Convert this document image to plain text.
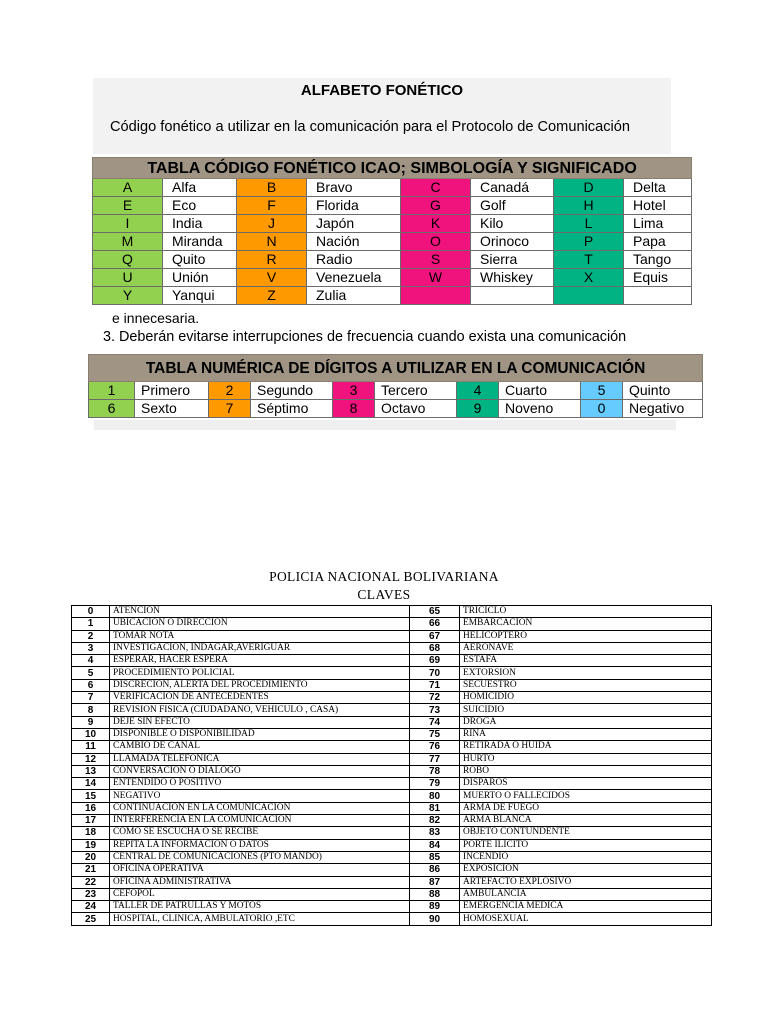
ALFABETO FONÉTICO
Código fonético a utilizar en la comunicación para el Protocolo de Comunicación
TABLA CÓDIGO FONÉTICO ICAO; SIMBOLOGÍA Y SIGNIFICADO							
A	Alfa	B	Bravo	C	Canadá	D	Delta
E	Eco	F	Florida	G	Golf	H	Hotel
I	India	J	Japón	K	Kilo	L	Lima
M	Miranda	N	Nación	O	Orinoco	P	Papa
Q	Quito	R	Radio	S	Sierra	T	Tango
U	Unión	V	Venezuela	W	Whiskey	X	Equis
Y	Yanqui	Z	Zulia				
e innecesaria.
3. Deberán evitarse interrupciones de frecuencia cuando exista una comunicación
TABLA NUMÉRICA DE DÍGITOS A UTILIZAR EN LA COMUNICACIÓN									
1	Primero	2	Segundo	3	Tercero	4	Cuarto	5	Quinto
6	Sexto	7	Séptimo	8	Octavo	9	Noveno	0	Negativo
POLICIA NACIONAL BOLIVARIANA
CLAVES
0	ATENCION	65	TRICICLO
1	UBICACIÓN O DIRECCION	66	EMBARCACION
2	TOMAR NOTA	67	HELICOPTERO
3	INVESTIGACION, INDAGAR,AVERIGUAR	68	AERONAVE
4	ESPERAR, HACER ESPERA	69	ESTAFA
5	PROCEDIMIENTO POLICIAL	70	EXTORSION
6	DISCRECION, ALERTA DEL PROCEDIMIENTO	71	SECUESTRO
7	VERIFICACION DE ANTECEDENTES	72	HOMICIDIO
8	REVISION FISICA (CIUDADANO, VEHICULO , CASA)	73	SUICIDIO
9	DEJE SIN EFECTO	74	DROGA
10	DISPONIBLE O DISPONIBILIDAD	75	RIÑA
11	CAMBIO DE CANAL	76	RETIRADA O HUIDA
12	LLAMADA TELEFONICA	77	HURTO
13	CONVERSACION O DIALOGO	78	ROBO
14	ENTENDIDO O POSITIVO	79	DISPAROS
15	NEGATIVO	80	MUERTO O FALLECIDOS
16	CONTINUACION EN LA COMUNICACION	81	ARMA DE FUEGO
17	INTERFERENCIA EN LA COMUNICACION	82	ARMA BLANCA
18	COMO SE ESCUCHA O SE RECIBE	83	OBJETO CONTUNDENTE
19	REPITA LA INFORMACION O DATOS	84	PORTE ILICITO
20	CENTRAL DE COMUNICACIONES (PTO MANDO)	85	INCENDIO
21	OFICINA OPERATIVA	86	EXPOSICION
22	OFICINA ADMINISTRATIVA	87	ARTEFACTO EXPLOSIVO
23	CEFOPOL	88	AMBULANCIA
24	TALLER DE PATRULLAS Y MOTOS	89	EMERGENCIA MEDICA
25	HOSPITAL, CLINICA, AMBULATORIO ,ETC	90	HOMOSEXUAL
